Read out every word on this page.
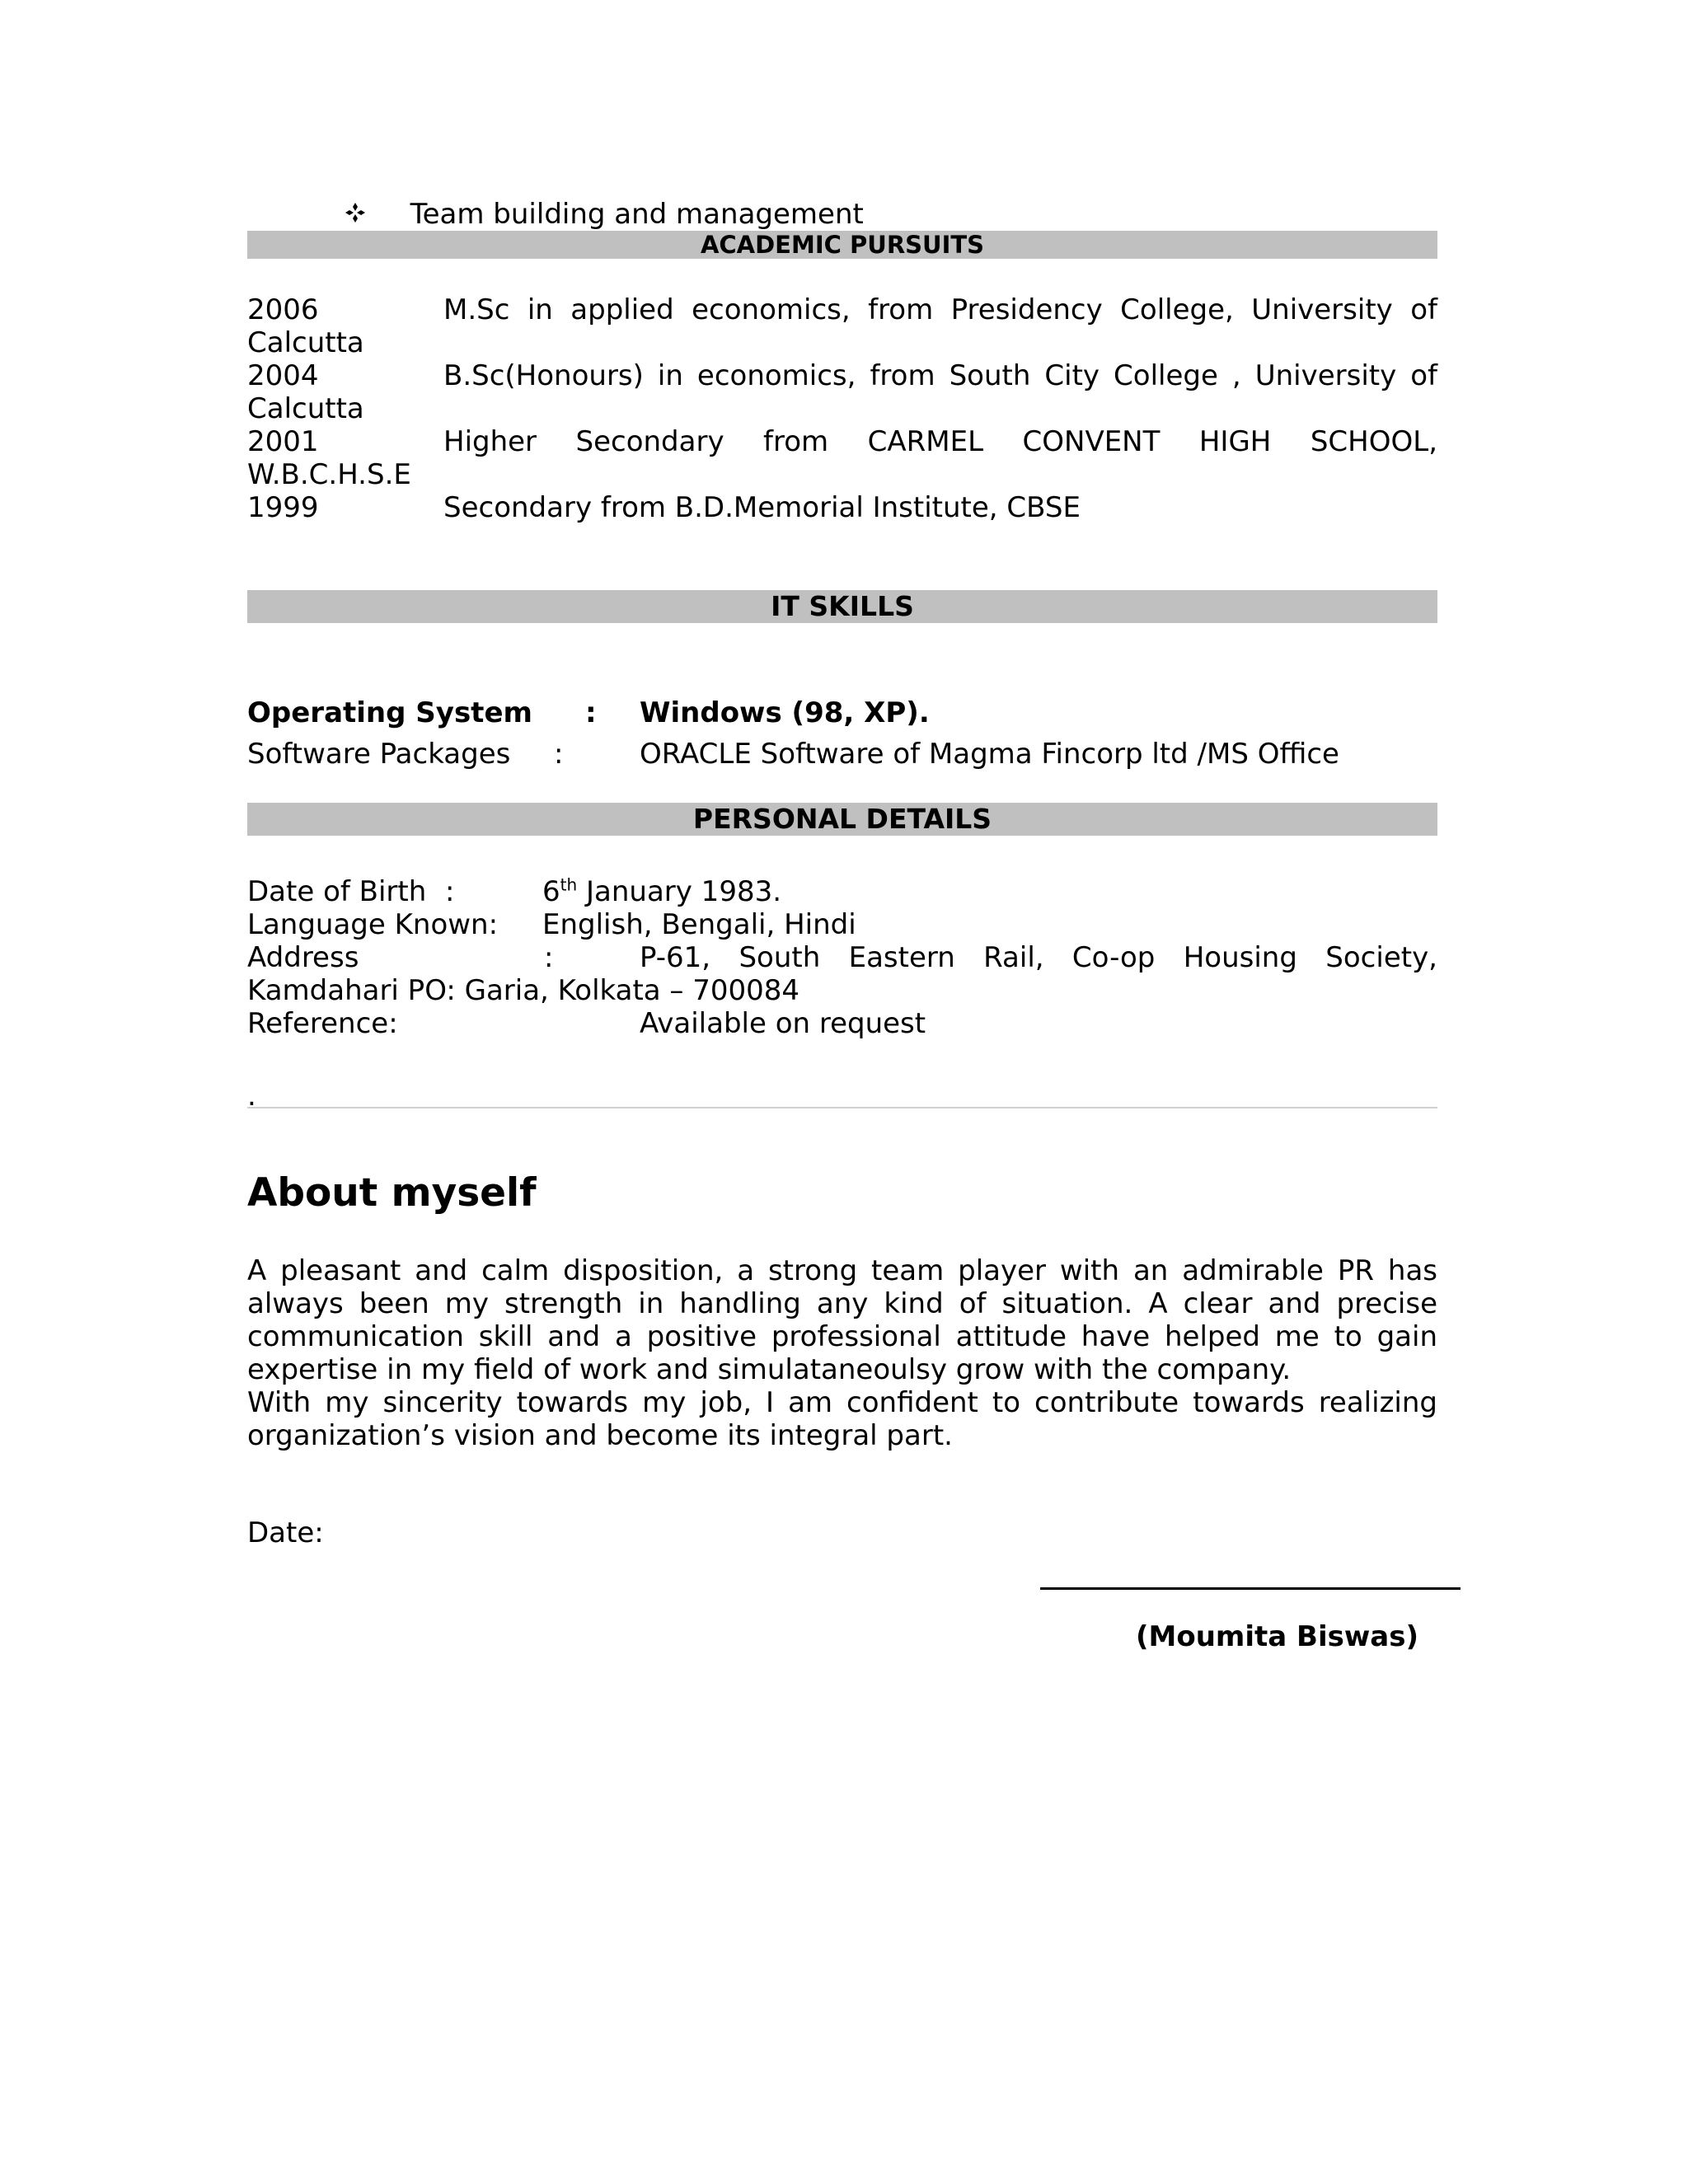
Team building and management
ACADEMIC PURSUITS
2006	M.Sc in applied economics, from Presidency College, University of
Calcutta
2004	B.Sc(Honours) in economics, from South City College , University of
Calcutta
2001	Higher Secondary from CARMEL CONVENT HIGH SCHOOL,
W.B.C.H.S.E
1999	Secondary from B.D.Memorial Institute, CBSE
IT SKILLS
Operating System : Windows (98, XP).
Software Packages :	ORACLE Software of Magma Fincorp ltd /MS Office
PERSONAL DETAILS
Date of Birth :	6th January 1983.
Language Known: English, Bengali, Hindi
Address	:	P-61, South Eastern Rail, Co-op Housing Society,
Kamdahari PO: Garia, Kolkata – 700084
Reference:	Available on request
.
About myself
A pleasant and calm disposition, a strong team player with an admirable PR has
always been my strength in handling any kind of situation. A clear and precise
communication skill and a positive professional attitude have helped me to gain
expertise in my field of work and simulataneoulsy grow with the company.
With my sincerity towards my job, I am confident to contribute towards realizing
organization’s vision and become its integral part.
Date:
(Moumita Biswas)
